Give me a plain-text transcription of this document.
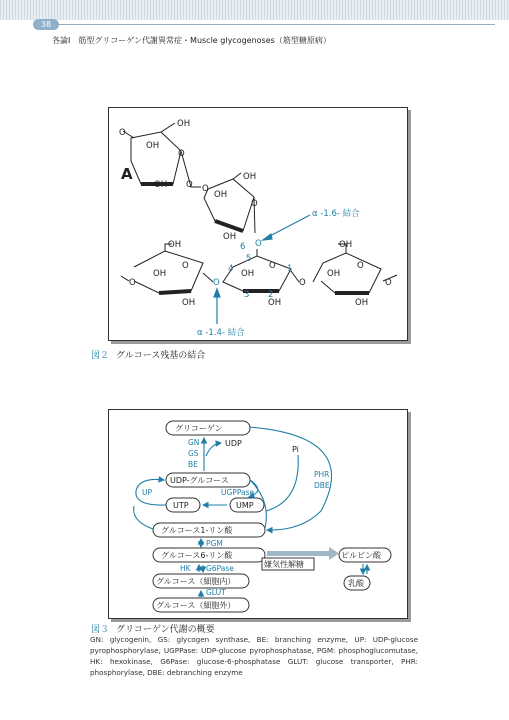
38
各論Ⅰ　筋型グリコーゲン代謝異常症・Muscle glycogenoses（筋型糖原病）
O
OH
OH
O
OH O O
OH
OH
O
OH
OH
O
OH
O
OH
O
OH
OH
O
OH
O
OH
O
OH
A
O
O
6
5
4	1
3 2
α -1.6- 結合
α -1.4- 結合
図２ グルコース残基の結合
グリコーゲン
UDP-グルコース
UTP	UMP
グルコース1-リン酸
グルコース6-リン酸
グルコース（細胞内）
グルコース（細胞外）
ピルビン酸
乳酸
嫌気性解糖
UDP
Pi
GN
GS
BE
PHR
DBE
UP	UGPPase
PGM
HK G6Pase
GLUT
図３ グリコーゲン代謝の概要
GN: glycogenin, GS: glycogen synthase, BE: branching enzyme, UP: UDP-glucose pyrophosphorylase, UGPPase: UDP-glucose pyrophosphatase, PGM: phosphoglucomutase, HK: hexokinase, G6Pase: glucose-6-phosphatase GLUT: glucose transporter, PHR: phosphorylase, DBE: debranching enzyme
